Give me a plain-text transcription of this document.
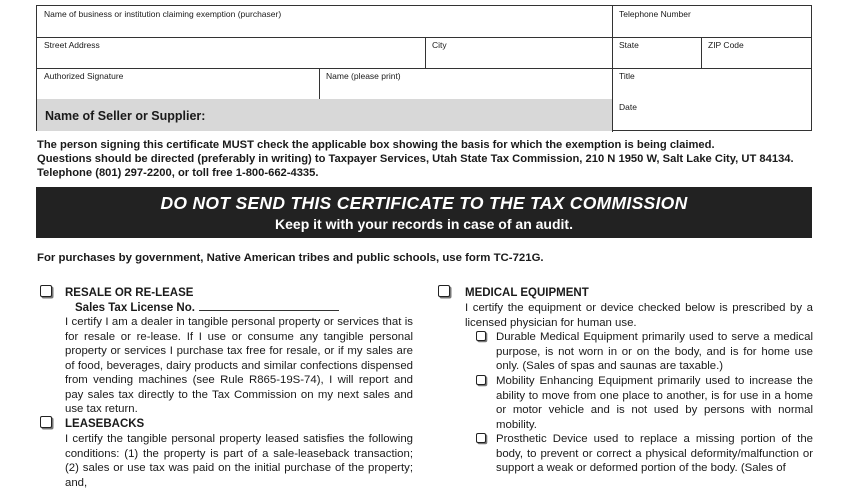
Name of business or institution claiming exemption (purchaser)	Telephone Number
Street Address	City	State	ZIP Code
Authorized Signature	Name (please print)	Title
Name of Seller or Supplier:
Date
The person signing this certificate MUST check the applicable box showing the basis for which the exemption is being claimed.
Questions should be directed (preferably in writing) to Taxpayer Services, Utah State Tax Commission, 210 N 1950 W, Salt Lake City, UT 84134.
Telephone (801) 297-2200, or toll free 1-800-662-4335.
DO NOT SEND THIS CERTIFICATE TO THE TAX COMMISSION
Keep it with your records in case of an audit.
For purchases by government, Native American tribes and public schools, use form TC-721G.
RESALE OR RE-LEASE
Sales Tax License No.
I certify I am a dealer in tangible personal property or services that is for resale or re-lease. If I use or consume any tangible personal property or services I purchase tax free for resale, or if my sales are of food, beverages, dairy products and similar confections dispensed from vending machines (see Rule R865-19S-74), I will report and pay sales tax directly to the Tax Commission on my next sales and use tax return.
LEASEBACKS
I certify the tangible personal property leased satisfies the following conditions: (1) the property is part of a sale-leaseback transaction; (2) sales or use tax was paid on the initial purchase of the property; and,
MEDICAL EQUIPMENT
I certify the equipment or device checked below is prescribed by a licensed physician for human use.
Durable Medical Equipment primarily used to serve a medical purpose, is not worn in or on the body, and is for home use only. (Sales of spas and saunas are taxable.)
Mobility Enhancing Equipment primarily used to increase the ability to move from one place to another, is for use in a home or motor vehicle and is not used by persons with normal mobility.
Prosthetic Device used to replace a missing portion of the body, to prevent or correct a physical deformity/malfunction or support a weak or deformed portion of the body. (Sales of
